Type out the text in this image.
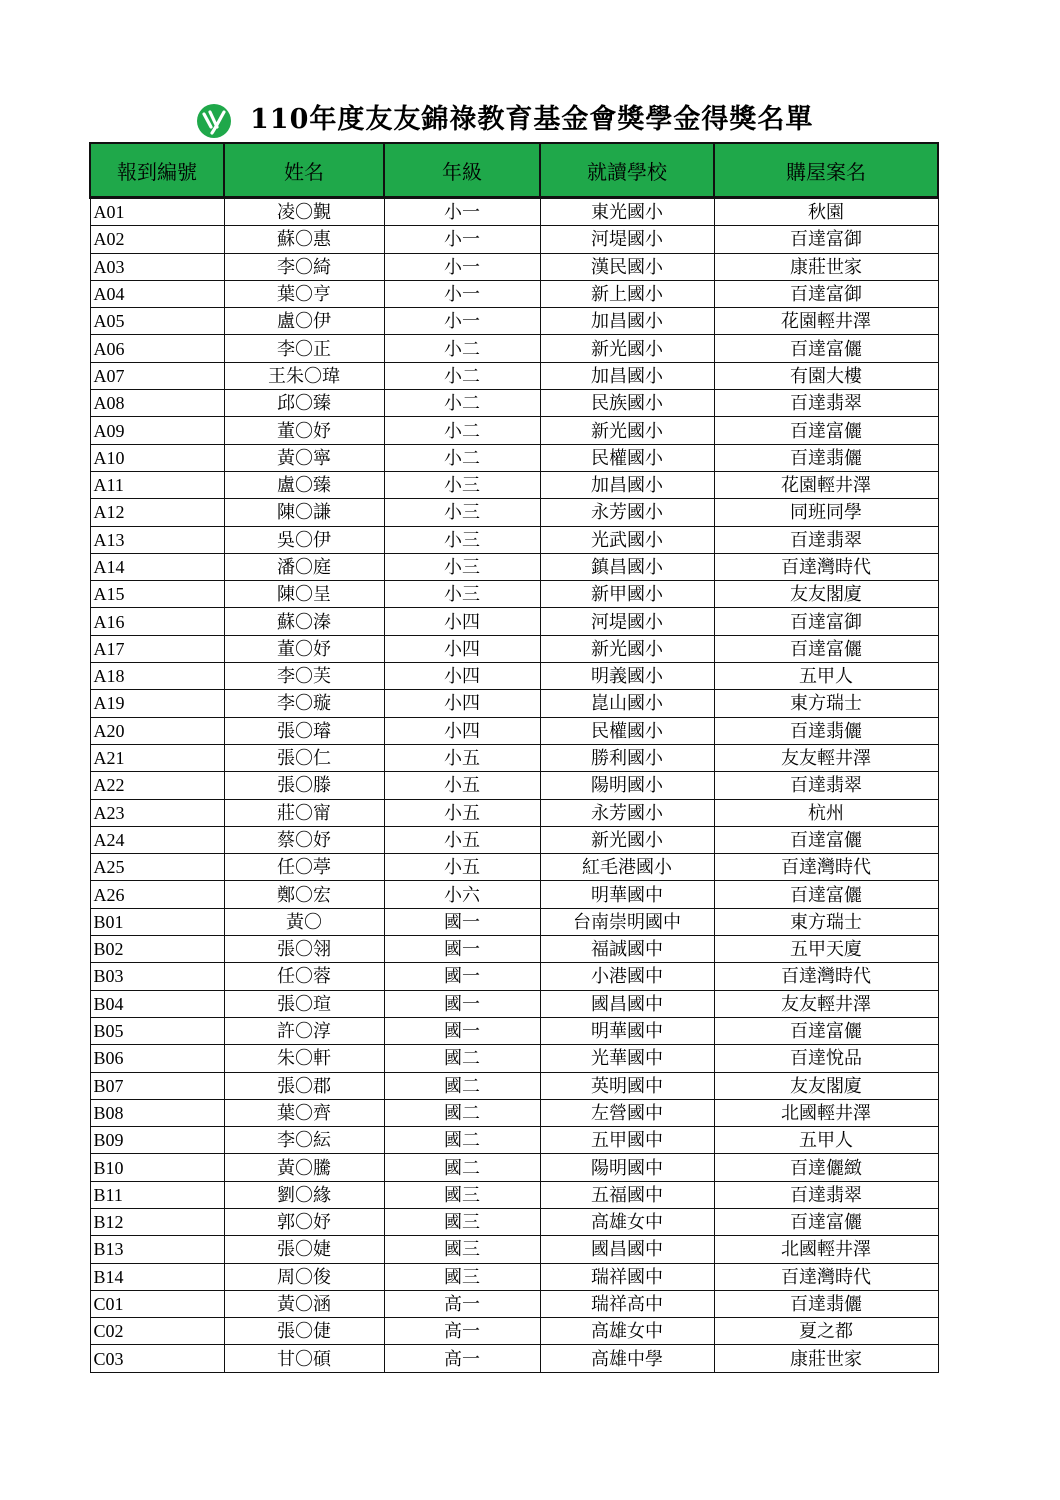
110年度友友錦祿教育基金會獎學金得獎名單
報到編號	姓名	年級	就讀學校	購屋案名
A01	凌〇覲	小一	東光國小	秋園
A02	蘇〇惠	小一	河堤國小	百達富御
A03	李〇綺	小一	漢民國小	康莊世家
A04	葉〇亨	小一	新上國小	百達富御
A05	盧〇伊	小一	加昌國小	花園輕井澤
A06	李〇正	小二	新光國小	百達富儷
A07	王朱〇瑋	小二	加昌國小	有園大樓
A08	邱〇臻	小二	民族國小	百達翡翠
A09	董〇妤	小二	新光國小	百達富儷
A10	黃〇寧	小二	民權國小	百達翡儷
A11	盧〇臻	小三	加昌國小	花園輕井澤
A12	陳〇謙	小三	永芳國小	同班同學
A13	吳〇伊	小三	光武國小	百達翡翠
A14	潘〇庭	小三	鎮昌國小	百達灣時代
A15	陳〇呈	小三	新甲國小	友友閣廈
A16	蘇〇溱	小四	河堤國小	百達富御
A17	董〇妤	小四	新光國小	百達富儷
A18	李〇芙	小四	明義國小	五甲人
A19	李〇璇	小四	崑山國小	東方瑞士
A20	張〇璿	小四	民權國小	百達翡儷
A21	張〇仁	小五	勝利國小	友友輕井澤
A22	張〇滕	小五	陽明國小	百達翡翠
A23	莊〇甯	小五	永芳國小	杭州
A24	蔡〇妤	小五	新光國小	百達富儷
A25	任〇葶	小五	紅毛港國小	百達灣時代
A26	鄭〇宏	小六	明華國中	百達富儷
B01	黃〇	國一	台南崇明國中	東方瑞士
B02	張〇翎	國一	福誠國中	五甲天廈
B03	任〇蓉	國一	小港國中	百達灣時代
B04	張〇瑄	國一	國昌國中	友友輕井澤
B05	許〇淳	國一	明華國中	百達富儷
B06	朱〇軒	國二	光華國中	百達悅品
B07	張〇郡	國二	英明國中	友友閣廈
B08	葉〇齊	國二	左營國中	北國輕井澤
B09	李〇紜	國二	五甲國中	五甲人
B10	黃〇騰	國二	陽明國中	百達儷緻
B11	劉〇緣	國三	五福國中	百達翡翠
B12	郭〇妤	國三	高雄女中	百達富儷
B13	張〇婕	國三	國昌國中	北國輕井澤
B14	周〇俊	國三	瑞祥國中	百達灣時代
C01	黃〇涵	高一	瑞祥高中	百達翡儷
C02	張〇倢	高一	高雄女中	夏之都
C03	甘〇碩	高一	高雄中學	康莊世家
